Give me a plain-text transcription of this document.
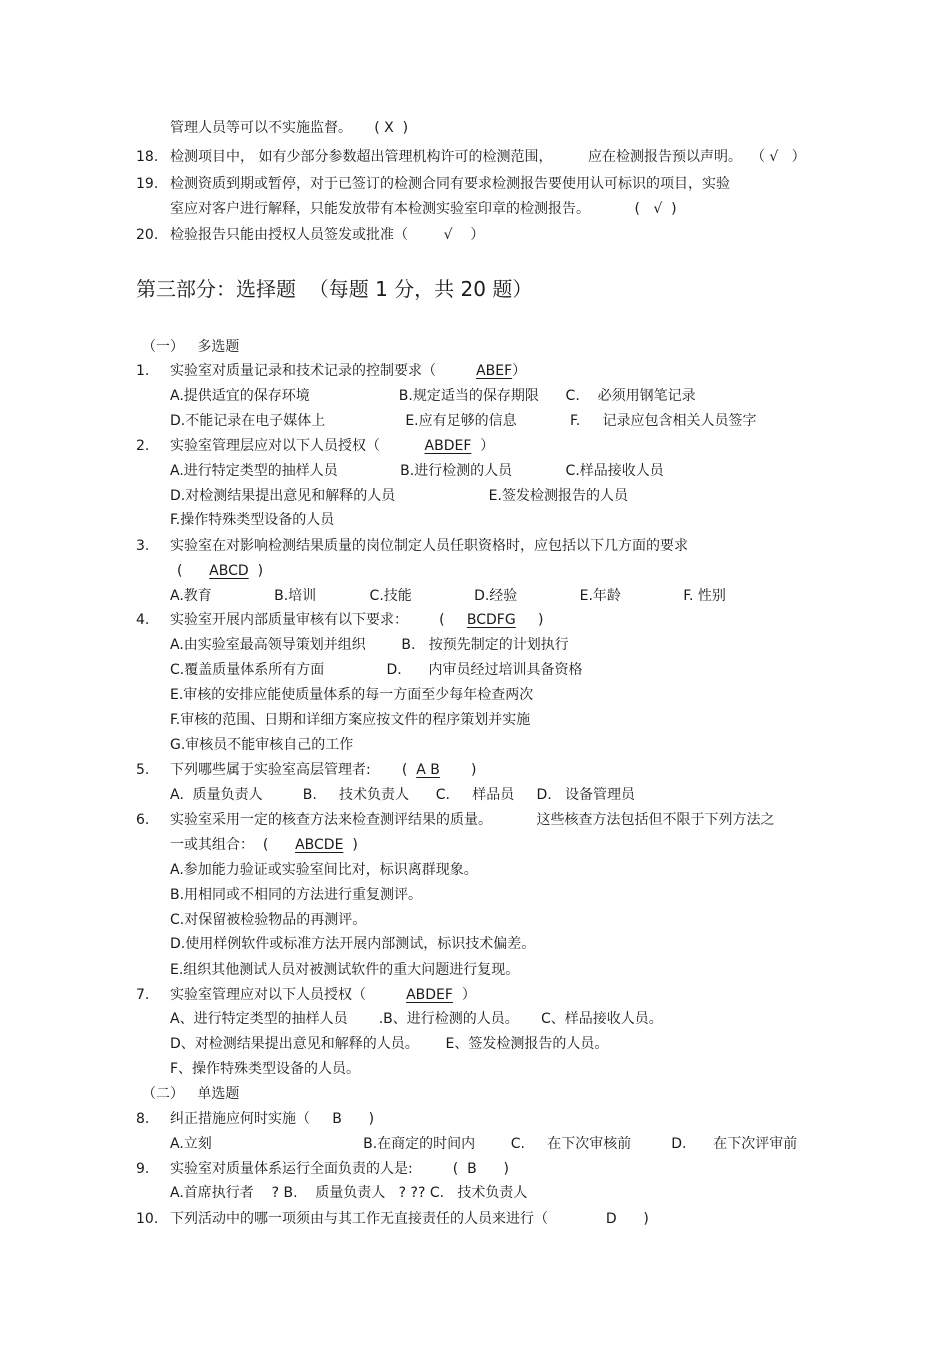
管理人员等可以不实施监督。     ( X  )
18. 检测项目中， 如有少部分参数超出管理机构许可的检测范围，        应在检测报告预以声明。  （ √   ）
19. 检测资质到期或暂停，对于已签订的检测合同有要求检测报告要使用认可标识的项目，实验
室应对客户进行解释，只能发放带有本检测实验室印章的检测报告。          (   √  )
20. 检验报告只能由授权人员签发或批准（        √    ）
第三部分：选择题  （每题 1 分，共 20 题）
（一）   多选题
1. 实验室对质量记录和技术记录的控制要求（         ABEF）
A.提供适宜的保存环境                    B.规定适当的保存期限      C.    必须用钢笔记录
D.不能记录在电子媒体上                  E.应有足够的信息            F.     记录应包含相关人员签字
2. 实验室管理层应对以下人员授权（          ABDEF  ）
A.进行特定类型的抽样人员              B.进行检测的人员            C.样品接收人员
D.对检测结果提出意见和解释的人员                     E.签发检测报告的人员
F.操作特殊类型设备的人员
3. 实验室在对影响检测结果质量的岗位制定人员任职资格时，应包括以下几方面的要求
(      ABCD  )
A.教育              B.培训            C.技能              D.经验              E.年龄              F. 性别
4. 实验室开展内部质量审核有以下要求：       (     BCDFG     )
A.由实验室最高领导策划并组织        B.   按预先制定的计划执行
C.覆盖质量体系所有方面              D.      内审员经过培训具备资格
E.审核的安排应能使质量体系的每一方面至少每年检查两次
F.审核的范围、日期和详细方案应按文件的程序策划并实施
G.审核员不能审核自己的工作
5. 下列哪些属于实验室高层管理者:       (  A B       )
A.  质量负责人         B.     技术负责人      C.     样品员     D.   设备管理员
6. 实验室采用一定的核查方法来检查测评结果的质量。          这些核查方法包括但不限于下列方法之
一或其组合：  (      ABCDE  )
A.参加能力验证或实验室间比对，标识离群现象。
B.用相同或不相同的方法进行重复测评。
C.对保留被检验物品的再测评。
D.使用样例软件或标准方法开展内部测试，标识技术偏差。
E.组织其他测试人员对被测试软件的重大问题进行复现。
7. 实验室管理应对以下人员授权（         ABDEF  ）
A、进行特定类型的抽样人员       .B、进行检测的人员。     C、样品接收人员。
D、对检测结果提出意见和解释的人员。      E、签发检测报告的人员。
F、操作特殊类型设备的人员。
（二）   单选题
8. 纠正措施应何时实施（     B      )
A.立刻                                  B.在商定的时间内        C.     在下次审核前         D.      在下次评审前
9. 实验室对质量体系运行全面负责的人是:         (  B      )
A.首席执行者    ? B.    质量负责人   ? ?? C.   技术负责人
10. 下列活动中的哪一项须由与其工作无直接责任的人员来进行（             D      )
